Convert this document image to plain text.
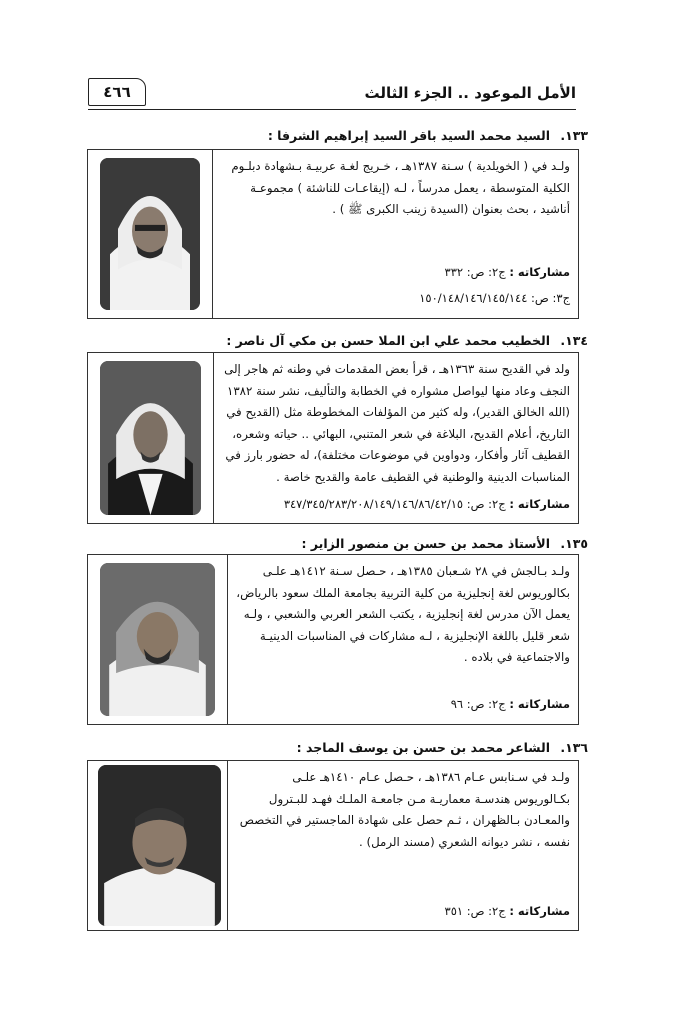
الأمل الموعود .. الجزء الثالث
٤٦٦
١٣٣. السيد محمد السيد باقر السيد إبراهيم الشرفا :
ولـد في ( الخويلدية ) سـنة ١٣٨٧هـ ، خـريج لغـة عربيـة بـشهادة دبلـوم الكلية المتوسطة ، يعمل مدرساً ، لـه (إيقاعـات للناشئة ) مجموعـة أناشيد ، بحث بعنوان (السيدة زينب الكبرى ﷺ ) .
مشاركاته : ج٢: ص: ٣٣٢
ج٣: ص: ١٥٠/١٤٨/١٤٦/١٤٥/١٤٤
١٣٤. الخطيب محمد علي ابن الملا حسن بن مكي آل ناصر :
ولد في القديح سنة ١٣٦٣هـ ، قرأ بعض المقدمات في وطنه ثم هاجر إلى النجف وعاد منها ليواصل مشواره في الخطابة والتأليف، نشر سنة ١٣٨٢ (الله الخالق القدير)، وله كثير من المؤلفات المخطوطة مثل (القديح في التاريخ، أعلام القديح، البلاغة في شعر المتنبي، البهائي .. حياته وشعره، القطيف آثار وأفكار، ودواوين في موضوعات مختلفة)، له حضور بارز في المناسبات الدينية والوطنية في القطيف عامة والقديح خاصة .
مشاركاته : ج٢: ص: ٣٤٧/٣٤٥/٢٨٣/٢٠٨/١٤٩/١٤٦/٨٦/٤٢/١٥
١٣٥. الأستاذ محمد بن حسن بن منصور الزاير :
ولـد بـالجش في ٢٨ شـعبان ١٣٨٥هـ ، حـصل سـنة ١٤١٢هـ علـى بكالوريوس لغة إنجليزية من كلية التربية بجامعة الملك سعود بالرياض، يعمل الآن مدرس لغة إنجليزية ، يكتب الشعر العربي والشعبي ، ولـه شعر قليل باللغة الإنجليزية ، لـه مشاركات في المناسبات الدينيـة والاجتماعية في بلاده .
مشاركاته : ج٢: ص: ٩٦
١٣٦. الشاعر محمد بن حسن بن يوسف الماجد :
ولـد في سـنابس عـام ١٣٨٦هـ ، حـصل عـام ١٤١٠هـ علـى بكـالوريوس هندسـة معماريـة مـن جامعـة الملـك فهـد للبـترول والمعـادن بـالظهران ، ثـم حصل على شهادة الماجستير في التخصص نفسه ، نشر ديوانه الشعري (مسند الرمل) .
مشاركاته : ج٢: ص: ٣٥١
